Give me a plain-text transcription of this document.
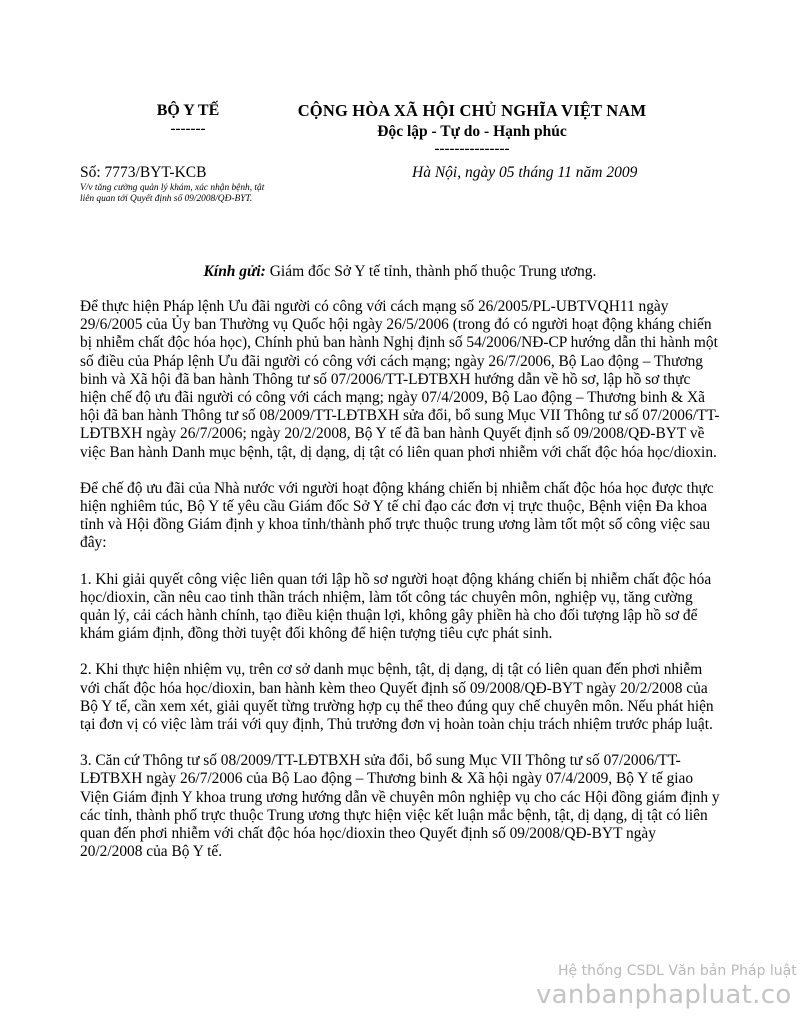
BỘ Y TẾ
-------
CỘNG HÒA XÃ HỘI CHỦ NGHĨA VIỆT NAM
Độc lập - Tự do - Hạnh phúc
---------------
Số: 7773/BYT-KCB
V/v tăng cường quản lý khám, xác nhận bệnh, tật liên quan tới Quyết định số 09/2008/QĐ-BYT.
Hà Nội, ngày 05 tháng 11 năm 2009
Kính gửi: Giám đốc Sở Y tế tỉnh, thành phố thuộc Trung ương.

Để thực hiện Pháp lệnh Ưu đãi người có công với cách mạng số 26/2005/PL-UBTVQH11 ngày 29/6/2005 của Ủy ban Thường vụ Quốc hội ngày 26/5/2006 (trong đó có người hoạt động kháng chiến bị nhiễm chất độc hóa học), Chính phủ ban hành Nghị định số 54/2006/NĐ-CP hướng dẫn thi hành một số điều của Pháp lệnh Ưu đãi người có công với cách mạng; ngày 26/7/2006, Bộ Lao động – Thương binh và Xã hội đã ban hành Thông tư số 07/2006/TT-LĐTBXH hướng dẫn về hồ sơ, lập hồ sơ thực hiện chế độ ưu đãi người có công với cách mạng; ngày 07/4/2009, Bộ Lao động – Thương binh & Xã hội đã ban hành Thông tư số 08/2009/TT-LĐTBXH sửa đổi, bổ sung Mục VII Thông tư số 07/2006/TT-LĐTBXH ngày 26/7/2006; ngày 20/2/2008, Bộ Y tế đã ban hành Quyết định số 09/2008/QĐ-BYT về việc Ban hành Danh mục bệnh, tật, dị dạng, dị tật có liên quan phơi nhiễm với chất độc hóa học/dioxin.

Để chế độ ưu đãi của Nhà nước với người hoạt động kháng chiến bị nhiễm chất độc hóa học được thực hiện nghiêm túc, Bộ Y tế yêu cầu Giám đốc Sở Y tế chỉ đạo các đơn vị trực thuộc, Bệnh viện Đa khoa tỉnh và Hội đồng Giám định y khoa tỉnh/thành phố trực thuộc trung ương làm tốt một số công việc sau đây:

1. Khi giải quyết công việc liên quan tới lập hồ sơ người hoạt động kháng chiến bị nhiễm chất độc hóa học/dioxin, cần nêu cao tinh thần trách nhiệm, làm tốt công tác chuyên môn, nghiệp vụ, tăng cường quản lý, cải cách hành chính, tạo điều kiện thuận lợi, không gây phiền hà cho đối tượng lập hồ sơ để khám giám định, đồng thời tuyệt đối không để hiện tượng tiêu cực phát sinh.

2. Khi thực hiện nhiệm vụ, trên cơ sở danh mục bệnh, tật, dị dạng, dị tật có liên quan đến phơi nhiễm với chất độc hóa học/dioxin, ban hành kèm theo Quyết định số 09/2008/QĐ-BYT ngày 20/2/2008 của Bộ Y tế, cần xem xét, giải quyết từng trường hợp cụ thể theo đúng quy chế chuyên môn. Nếu phát hiện tại đơn vị có việc làm trái với quy định, Thủ trưởng đơn vị hoàn toàn chịu trách nhiệm trước pháp luật.

3. Căn cứ Thông tư số 08/2009/TT-LĐTBXH sửa đổi, bổ sung Mục VII Thông tư số 07/2006/TT-LĐTBXH ngày 26/7/2006 của Bộ Lao động – Thương binh & Xã hội ngày 07/4/2009, Bộ Y tế giao Viện Giám định Y khoa trung ương hướng dẫn về chuyên môn nghiệp vụ cho các Hội đồng giám định y các tỉnh, thành phố trực thuộc Trung ương thực hiện việc kết luận mắc bệnh, tật, dị dạng, dị tật có liên quan đến phơi nhiễm với chất độc hóa học/dioxin theo Quyết định số 09/2008/QĐ-BYT ngày 20/2/2008 của Bộ Y tế.

Hệ thống CSDL Văn bản Pháp luật
vanbanphapluat.co
